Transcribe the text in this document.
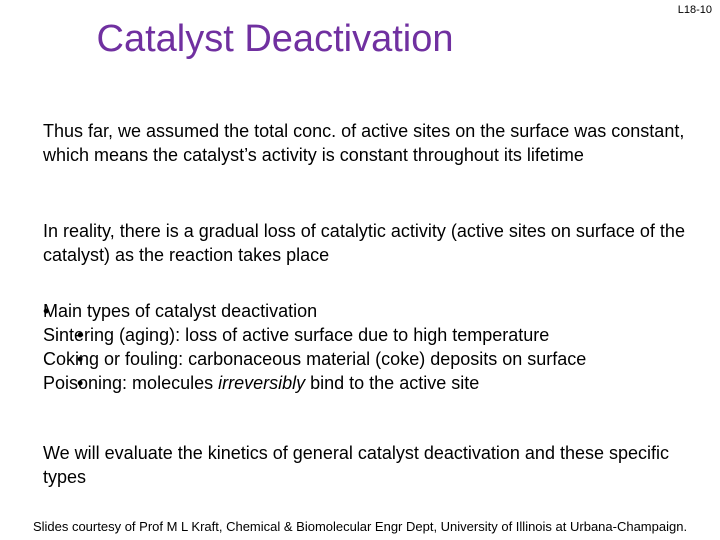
L18-10
Catalyst Deactivation

Thus far, we assumed the total conc. of active sites on the surface was constant, which means the catalyst’s activity is constant throughout its lifetime

In reality, there is a gradual loss of catalytic activity (active sites on surface of the catalyst) as the reaction takes place

• Main types of catalyst deactivation
• Sintering (aging): loss of active surface due to high temperature
• Coking or fouling: carbonaceous material (coke) deposits on surface
• Poisoning: molecules irreversibly bind to the active site

We will evaluate the kinetics of general catalyst deactivation and these specific types

Slides courtesy of Prof M L Kraft, Chemical & Biomolecular Engr Dept, University of Illinois at Urbana-Champaign.
